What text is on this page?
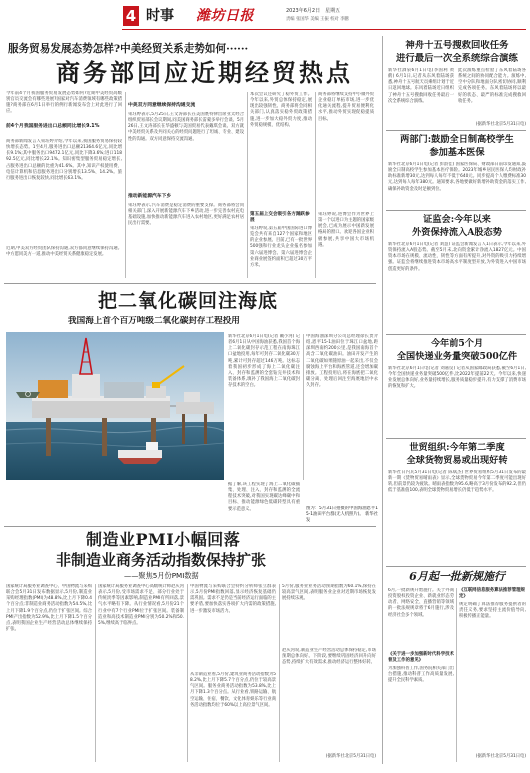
4 时事 潍坊日报	2023年6月2日　星期五
责编 张国华 美编 王振 校对 李鹏
服务贸易发展态势怎样?中美经贸关系走势如何······
商务部回应近期经贸热点
今年前4个月我国服务贸易发展态势如何?近期中美经贸高级别官员交流会有哪些进展?国家对汽车消费领域有哪些政策措施?商务部在6月1日举行的例行新闻发布会上对此进行了回应。
前4个月我国服务进出口总额同比增长9.1%
商务部新闻发言人束珏婷介绍,今年以来,我国服务贸易保持较快增长态势。1至4月,服务进出口总额21364.6亿元,同比增长9.1%;其中服务出口9472.1亿元,同比下降3.6%;进口11892.5亿元,同比增长22.1%。知识密集型服务贸易稳定增长,占服务进出口总额的比重为41.6%。其中,知识产权使用费、电信计算机和信息服务进出口分别增长13.5%、14.2%。旅行服务进出口恢复较快,同比增长63.1%。
近期,中美双方经贸团队保持沟通,双方都同意继续保持沟通。中方愿同美方一道,推动中美经贸关系健康稳定发展。
中美双方同意继续保持沟通交流
束珏婷表示,5月25日,王文涛部长在美国底特律出席亚太经合组织贸易部长会议期间,同美国商务部长雷蒙多举行会谈。5月26日,王文涛部长在华盛顿与美国贸易代表戴琪会谈。双方就中美经贸关系及共同关心的经贸问题进行了坦诚、专业、建设性的沟通。双方同意保持交流沟通。
推动新能源汽车下乡
束珏婷表示,汽车消费是稳定消费的重要支撑。商务部将会同相关部门,深入开展新能源汽车下乡活动,进一步完善农村充电基础设施,加快推动新能源汽车进入农村地区,更好满足农村居民出行需要。
本次会议还研究了稳外贸工作。今年以来,外贸总体保持稳定,展现出较强韧性。商务部将会同相关部门,认真落实稳外贸政策措施,进一步加大稳外贸力度,推动外贸稳规模、优结构。
第五届上交会吸引各方踊跃参展
束珏婷说,第五届中国国际进口博览会共有来自127个国家和地区的企业参展。目前,已有一批世界500强和行业龙头企业报名参加第六届进博会。第六届进博会企业商业展签约面积已超过30万平方米。
商务部将继续支持中小微外贸企业稳订单拓市场,进一步优化通关流程,提升贸易便利化水平,推动外贸实现促稳提质目标。
束珏婷说,进博会作为世界上第一个以进口为主题的国家级展会,已成为展示中国新发展格局的窗口。欢迎各国企业积极参展,共享中国大市场机遇。
把二氧化碳回注海底
我国海上首个百万吨级二氧化碳封存工程投用
新华社北京6月1日电(记者 戴小河) 记者6月1日从中国海油获悉,我国首个海上二氧化碳封存示范工程在南海珠江口盆地投用,每年可封存二氧化碳30万吨,累计可封存超过146万吨。这标志着我国初步形成了海上二氧化碳注入、封存和监测的全套钻完井技术和装备体系,填补了我国海上二氧化碳封存技术的空白。
中国海油深圳分公司总经理徐长贵介绍,恩平15-1油田位于珠江口盆地,距深圳西南约200公里,是我国南海首个高含二氧化碳油田。油田开发产生的二氧化碳如果随原油一起采出,不仅会腐蚀海上平台和海底管道,还会增加碳排放。工程投用后,将在海底把二氧化碳分离、处理后回注至海底地层中永久封存。
据了解,该工程实现了海上二氧化碳捕集、处理、注入、封存和监测的全流程技术突破,对我国实现碳达峰碳中和目标、推动能源绿色低碳转型具有重要示范意义。	图为：5月31日拍摄的中国海油恩平15-1油田平台群(无人机照片)。 新华社发
制造业PMI小幅回落
非制造业商务活动指数保持扩张
——聚焦5月份PMI数据
国家统计局服务业调查中心、中国物流与采购联合会5月31日发布数据显示,5月份,制造业采购经理指数(PMI)为48.8%,比上月下降0.4个百分点;非制造业商务活动指数为54.5%,比上月下降1.9个百分点,仍位于扩张区间。综合PMI产出指数为52.9%,比上月下降1.5个百分点,表明我国企业生产经营活动总体继续保持扩张。
国家统计局服务业调查中心高级统计师赵庆河表示,5月份,受市场需求不足、部分行业处于传统淡季等因素影响,制造业PMI有所回落,景气水平略有下降。从行业情况看,5月份21个行业中有7个行业PMI位于扩张区间。装备制造业和高技术制造业PMI分别为50.2%和50.5%,继续高于临界点。
中国物流与采购联合会特约分析师张立群表示,5月份PMI指数回落,显示经济恢复基础仍需巩固。需求不足仍是当前经济运行面临的主要矛盾,要加快落实各项扩大内需的政策措施,进一步激发市场活力。
从非制造业看,5月份,建筑业商务活动指数为58.2%,比上月下降5.7个百分点,仍位于较高景气区间。服务业商务活动指数为53.8%,比上月下降1.3个百分点。从行业看,铁路运输、航空运输、住宿、餐饮、文化体育娱乐等行业商务活动指数均位于60%以上高位景气区间。
5月份,服务业业务活动预期指数为60.1%,保持在较高景气区间,表明服务业企业对近期市场恢复发展持续乐观。
赵庆河说,制造业生产经营活动总体保持稳定,市场预期总体向好。下阶段,要继续巩固经济回升向好态势,持续扩大有效需求,推动经济运行整体好转。
(据新华社北京5月31日电)
神舟十五号搜救回收任务
进行最后一次全系统综合演练
新华社酒泉6月1日电(李国利 黄鹤) 6月1日,记者从东风着陆场获悉,神舟十五号航天员乘组计划于近日返回地球。东风着陆场近日组织了神舟十五号搜救回收任务最后一次全系统综合演练。
此次演练重点检验了东风着陆场各系统之间的协同配合能力。演练中,空中分队和地面分队密切协同,顺利完成各项任务。东风着陆场将以最好的状态、最严的标准完成搜救回收任务。
(据新华社北京5月31日电)
两部门:鼓励全日制高校学生
参加基本医保
新华社北京6月1日电(记者 彭韵佳) 国家医保局、财政部日前印发通知,鼓励全日制高校学生参加基本医疗保险。2023年城乡居民医保人均财政补助标准新增30元,达到每人每年不低于640元。同步提高个人缴费标准30元,达到每人每年380元。通知要求,各地要做好新增补助资金的落实工作,确保补助资金及时足额到位。
证监会:今年以来
外资保持流入A股态势
新华社北京6月1日电(记者 刘慧) 证监会新闻发言人1日表示,今年以来,外资保持流入A股态势。截至5月末,北向资金累计净流入1827亿元。中国资本市场在规模、流动性、韧性等方面有所提升,对外资的吸引力持续增强。证监会将继续推进资本市场高水平制度型开放,为外资进入中国市场创造更好的条件。
今年前5个月
全国快递业务量突破500亿件
新华社北京6月1日电(记者 刘嘉仪) 记者从国家邮政局获悉,截至6月1日,今年全国快递业务量突破500亿件,比2022年提前22天。今年以来,快递业发展总体向好,业务量持续增长,服务质量稳步提升,有力支撑了消费市场的恢复和扩大。
世贸组织:今年第二季度
全球货物贸易或出现好转
新华社日内瓦5月31日电(记者 陈斌杰) 世界贸易组织5月31日发布的最新一期《货物贸易晴雨表》显示,全球货物贸易今年第二季度可能出现好转,但前景仍较为疲软。晴雨表指数为95.6,略高于3月份发布的92.2,但仍低于基准值100,表明全球货物贸易增长仍低于趋势水平。
6月起一批新规施行
6月,一批新规开始施行。关于外商投资股权投资企业、新就业形态劳动者、网络安全、直播营销等领域的一批法规规章将于6月施行,涉及经济社会多个领域。
《关于进一步加强新时代科学技术普及工作的意见》
为加强科普工作,国务院相关部门出台措施,推动科普工作高质量发展,提升全民科学素质。
《互联网信息服务算法推荐管理规定》
规定明确了算法推荐服务提供者的责任义务,要求坚持主流价值导向,积极传播正能量。
(据新华社北京5月31日电)
